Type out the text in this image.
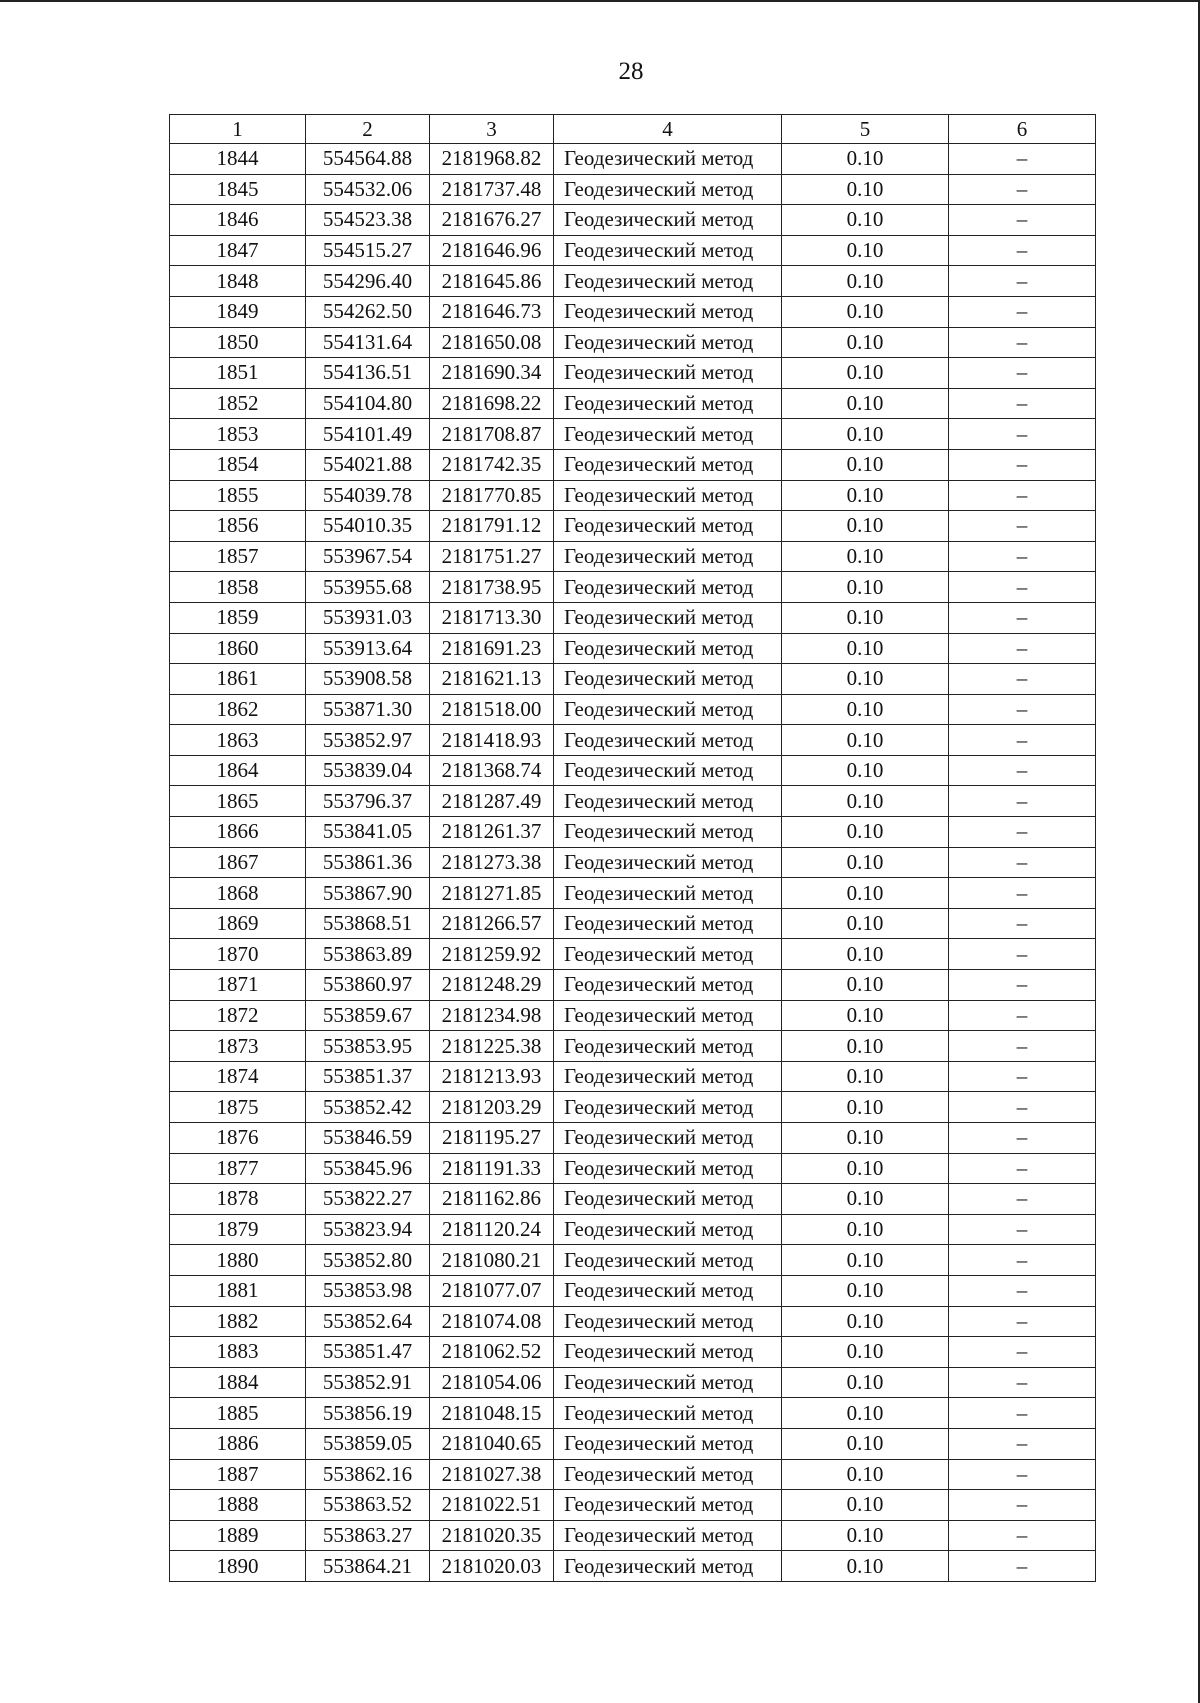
28
1	2	3	4	5	6
1844	554564.88	2181968.82	Геодезический метод	0.10	–
1845	554532.06	2181737.48	Геодезический метод	0.10	–
1846	554523.38	2181676.27	Геодезический метод	0.10	–
1847	554515.27	2181646.96	Геодезический метод	0.10	–
1848	554296.40	2181645.86	Геодезический метод	0.10	–
1849	554262.50	2181646.73	Геодезический метод	0.10	–
1850	554131.64	2181650.08	Геодезический метод	0.10	–
1851	554136.51	2181690.34	Геодезический метод	0.10	–
1852	554104.80	2181698.22	Геодезический метод	0.10	–
1853	554101.49	2181708.87	Геодезический метод	0.10	–
1854	554021.88	2181742.35	Геодезический метод	0.10	–
1855	554039.78	2181770.85	Геодезический метод	0.10	–
1856	554010.35	2181791.12	Геодезический метод	0.10	–
1857	553967.54	2181751.27	Геодезический метод	0.10	–
1858	553955.68	2181738.95	Геодезический метод	0.10	–
1859	553931.03	2181713.30	Геодезический метод	0.10	–
1860	553913.64	2181691.23	Геодезический метод	0.10	–
1861	553908.58	2181621.13	Геодезический метод	0.10	–
1862	553871.30	2181518.00	Геодезический метод	0.10	–
1863	553852.97	2181418.93	Геодезический метод	0.10	–
1864	553839.04	2181368.74	Геодезический метод	0.10	–
1865	553796.37	2181287.49	Геодезический метод	0.10	–
1866	553841.05	2181261.37	Геодезический метод	0.10	–
1867	553861.36	2181273.38	Геодезический метод	0.10	–
1868	553867.90	2181271.85	Геодезический метод	0.10	–
1869	553868.51	2181266.57	Геодезический метод	0.10	–
1870	553863.89	2181259.92	Геодезический метод	0.10	–
1871	553860.97	2181248.29	Геодезический метод	0.10	–
1872	553859.67	2181234.98	Геодезический метод	0.10	–
1873	553853.95	2181225.38	Геодезический метод	0.10	–
1874	553851.37	2181213.93	Геодезический метод	0.10	–
1875	553852.42	2181203.29	Геодезический метод	0.10	–
1876	553846.59	2181195.27	Геодезический метод	0.10	–
1877	553845.96	2181191.33	Геодезический метод	0.10	–
1878	553822.27	2181162.86	Геодезический метод	0.10	–
1879	553823.94	2181120.24	Геодезический метод	0.10	–
1880	553852.80	2181080.21	Геодезический метод	0.10	–
1881	553853.98	2181077.07	Геодезический метод	0.10	–
1882	553852.64	2181074.08	Геодезический метод	0.10	–
1883	553851.47	2181062.52	Геодезический метод	0.10	–
1884	553852.91	2181054.06	Геодезический метод	0.10	–
1885	553856.19	2181048.15	Геодезический метод	0.10	–
1886	553859.05	2181040.65	Геодезический метод	0.10	–
1887	553862.16	2181027.38	Геодезический метод	0.10	–
1888	553863.52	2181022.51	Геодезический метод	0.10	–
1889	553863.27	2181020.35	Геодезический метод	0.10	–
1890	553864.21	2181020.03	Геодезический метод	0.10	–
